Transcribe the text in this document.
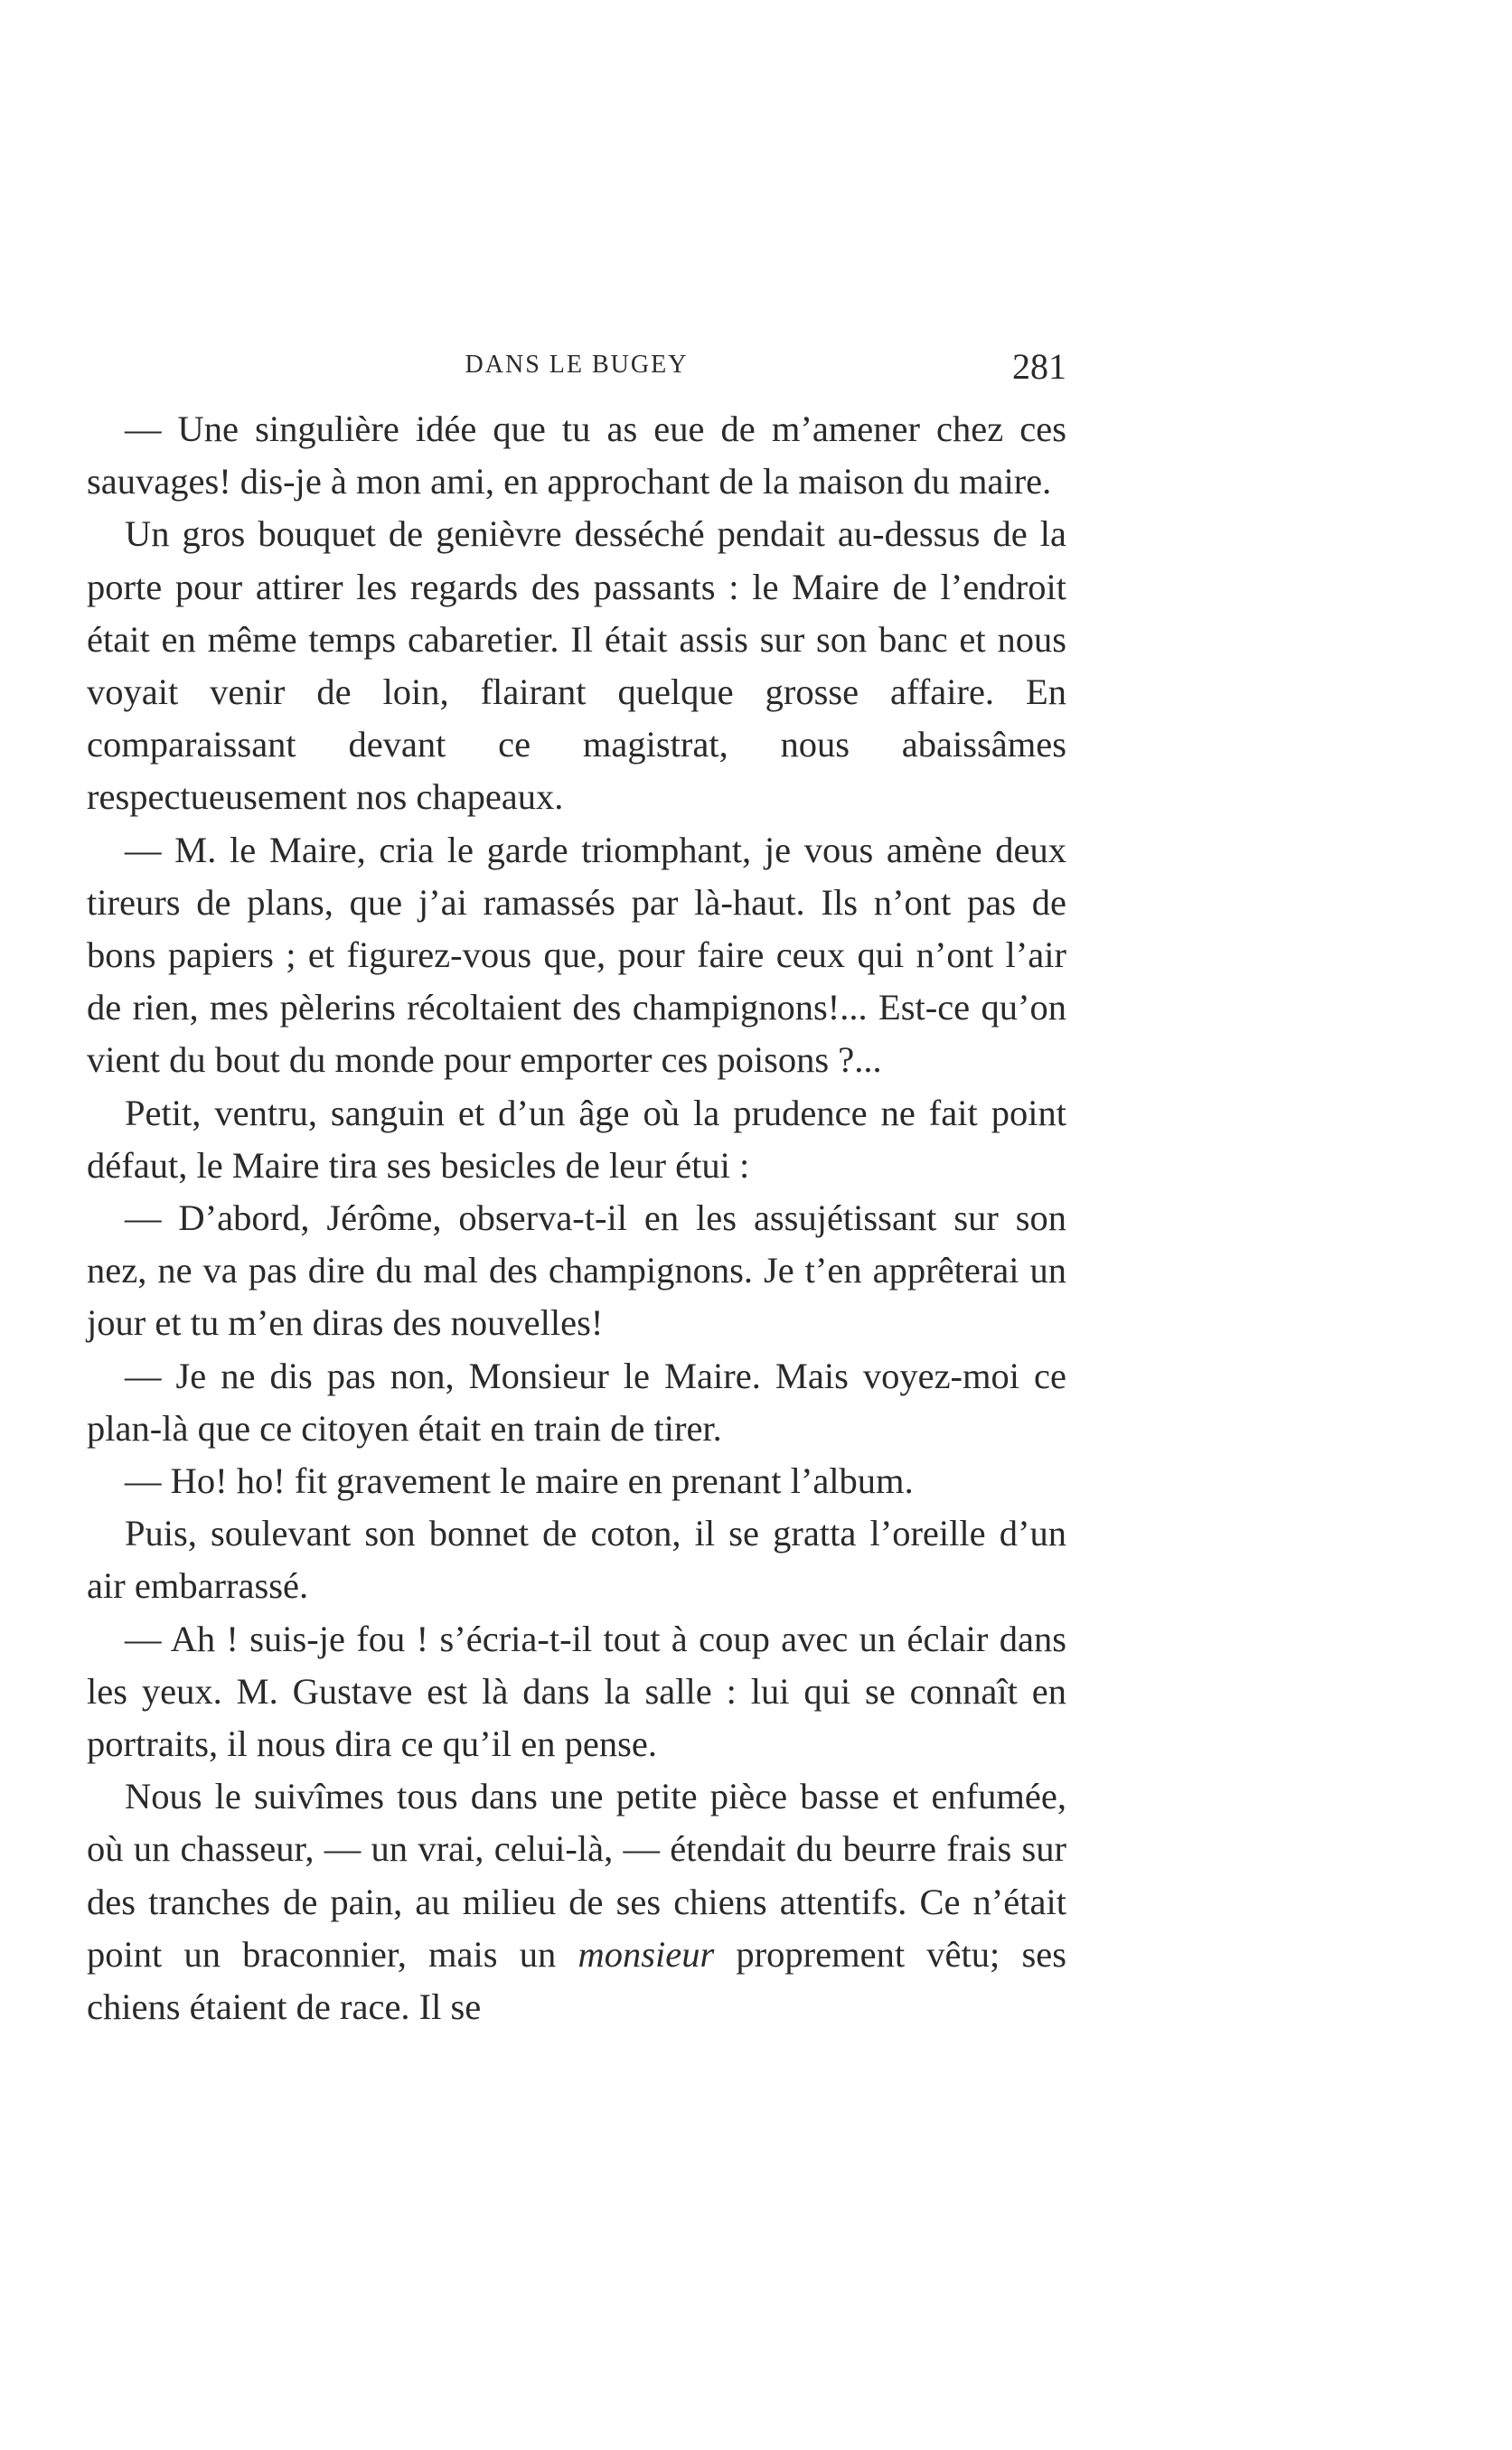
DANS LE BUGEY	281

— Une singulière idée que tu as eue de m’amener chez ces sauvages! dis-je à mon ami, en approchant de la maison du maire.

Un gros bouquet de genièvre desséché pendait au-dessus de la porte pour attirer les regards des passants : le Maire de l’endroit était en même temps cabaretier. Il était assis sur son banc et nous voyait venir de loin, flairant quelque grosse affaire. En comparaissant devant ce magistrat, nous abaissâmes respectueusement nos chapeaux.

— M. le Maire, cria le garde triomphant, je vous amène deux tireurs de plans, que j’ai ramassés par là-haut. Ils n’ont pas de bons papiers ; et figurez-vous que, pour faire ceux qui n’ont l’air de rien, mes pèlerins récoltaient des champignons!... Est-ce qu’on vient du bout du monde pour emporter ces poisons ?...

Petit, ventru, sanguin et d’un âge où la prudence ne fait point défaut, le Maire tira ses besicles de leur étui :

— D’abord, Jérôme, observa-t-il en les assujétissant sur son nez, ne va pas dire du mal des champignons. Je t’en apprêterai un jour et tu m’en diras des nouvelles!

— Je ne dis pas non, Monsieur le Maire. Mais voyez-moi ce plan-là que ce citoyen était en train de tirer.

— Ho! ho! fit gravement le maire en prenant l’album.

Puis, soulevant son bonnet de coton, il se gratta l’oreille d’un air embarrassé.

— Ah ! suis-je fou ! s’écria-t-il tout à coup avec un éclair dans les yeux. M. Gustave est là dans la salle : lui qui se connaît en portraits, il nous dira ce qu’il en pense.

Nous le suivîmes tous dans une petite pièce basse et enfumée, où un chasseur, — un vrai, celui-là, — étendait du beurre frais sur des tranches de pain, au milieu de ses chiens attentifs. Ce n’était point un braconnier, mais un monsieur proprement vêtu; ses chiens étaient de race. Il se
